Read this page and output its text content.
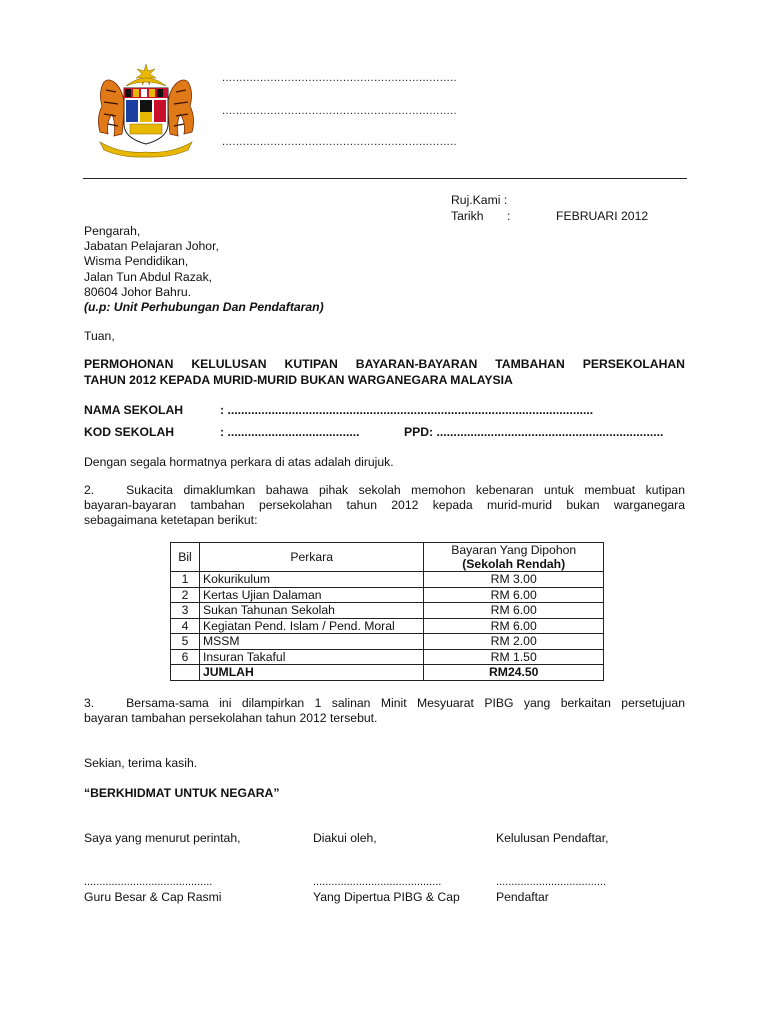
....................................................................
....................................................................
....................................................................
Ruj.Kami :
Tarikh :	FEBRUARI 2012
Pengarah,
Jabatan Pelajaran Johor,
Wisma Pendidikan,
Jalan Tun Abdul Razak,
80604 Johor Bahru.
(u.p: Unit Perhubungan Dan Pendaftaran)
Tuan,
PERMOHONAN KELULUSAN KUTIPAN BAYARAN-BAYARAN TAMBAHAN PERSEKOLAHAN
TAHUN 2012 KEPADA MURID-MURID BUKAN WARGANEGARA MALAYSIA
NAMA SEKOLAH	: ............................................................................................................
KOD SEKOLAH	: .......................................	PPD: ...................................................................
Dengan segala hormatnya perkara di atas adalah dirujuk.
2.	Sukacita dimaklumkan bahawa pihak sekolah memohon kebenaran untuk membuat kutipan
bayaran-bayaran tambahan persekolahan tahun 2012 kepada murid-murid bukan warganegara
sebagaimana ketetapan berikut:
Bil	Perkara	Bayaran Yang Dipohon
		(Sekolah Rendah)
1	Kokurikulum	RM 3.00
2	Kertas Ujian Dalaman	RM 6.00
3	Sukan Tahunan Sekolah	RM 6.00
4	Kegiatan Pend. Islam / Pend. Moral	RM 6.00
5	MSSM	RM 2.00
6	Insuran Takaful	RM 1.50
	JUMLAH	RM24.50
3.	Bersama-sama ini dilampirkan 1 salinan Minit Mesyuarat PIBG yang berkaitan persetujuan
bayaran tambahan persekolahan tahun 2012 tersebut.
Sekian, terima kasih.
“BERKHIDMAT UNTUK NEGARA”
Saya yang menurut perintah,	Diakui oleh,	Kelulusan Pendaftar,
..........................................	..........................................	....................................
Guru Besar & Cap Rasmi	Yang Dipertua PIBG & Cap	Pendaftar
